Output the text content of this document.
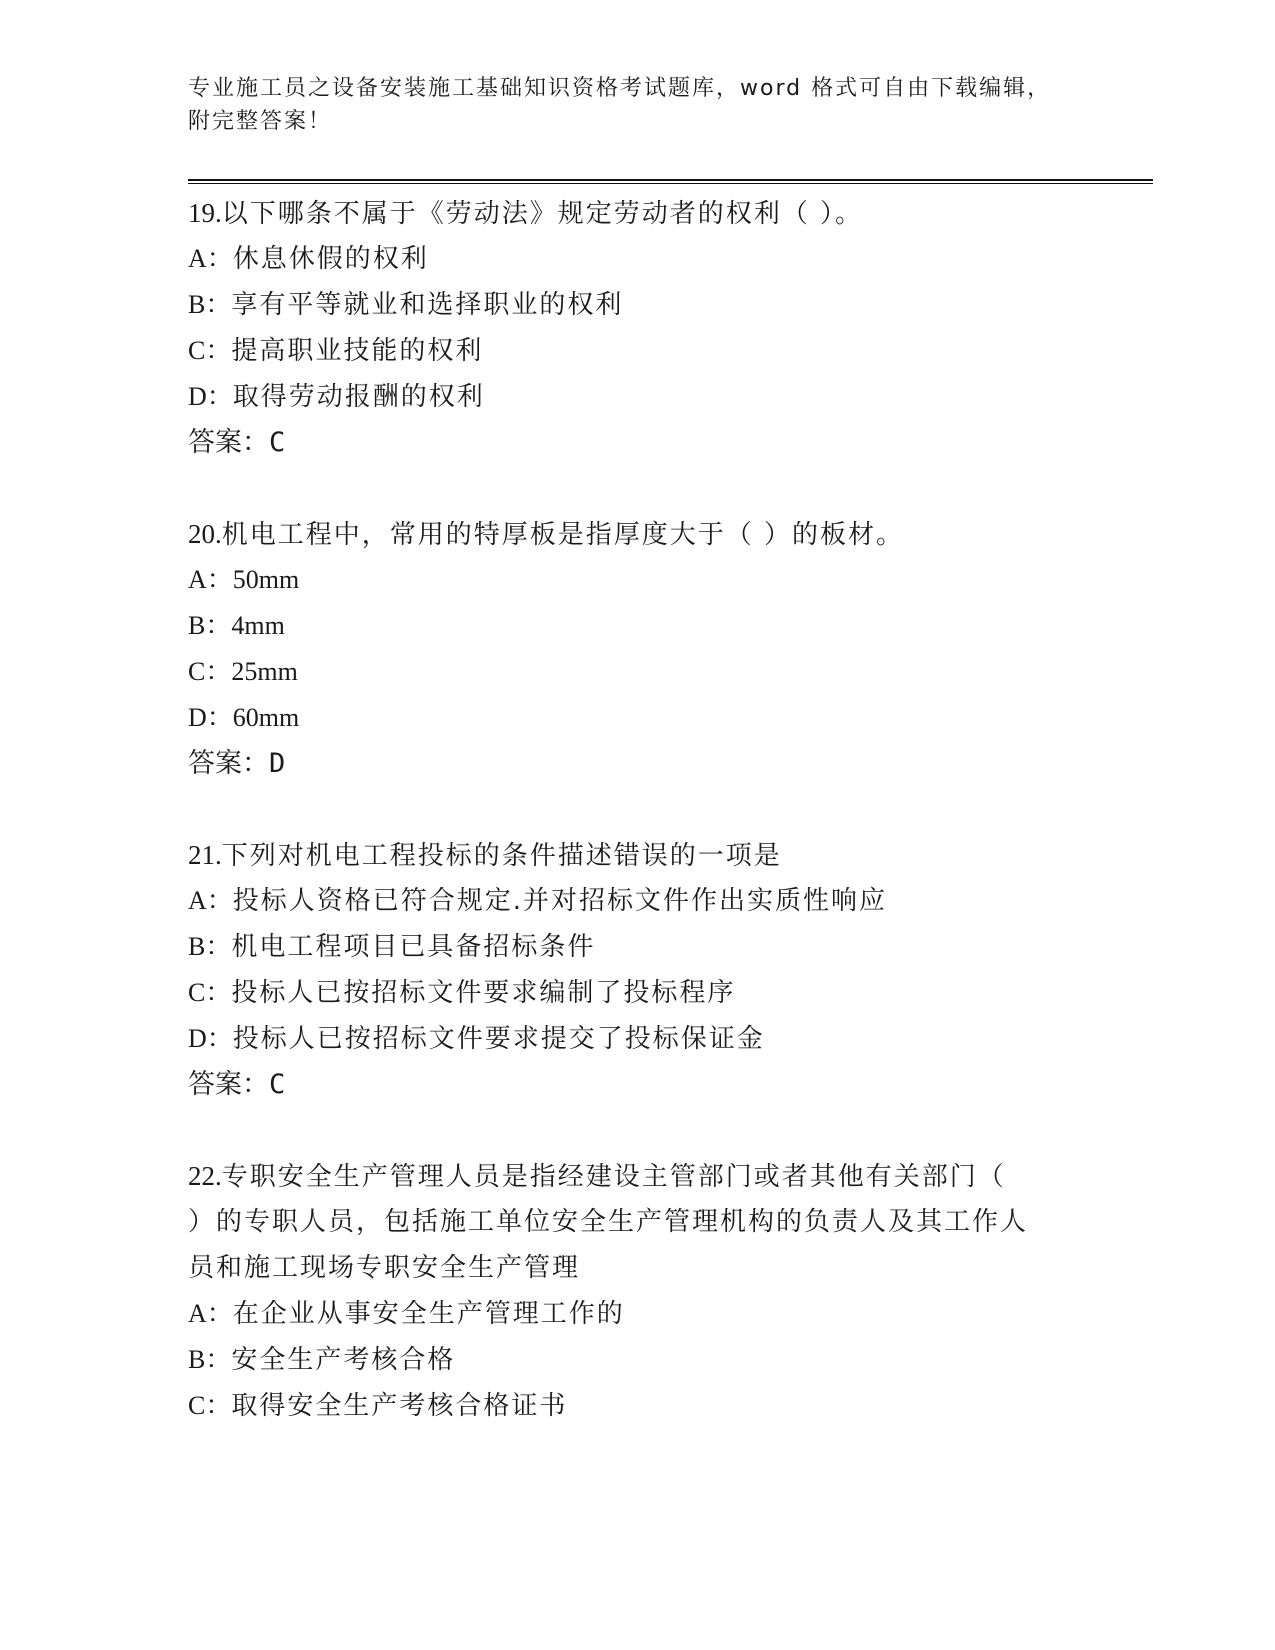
专业施工员之设备安装施工基础知识资格考试题库，word 格式可自由下载编辑，
附完整答案！
19.以下哪条不属于《劳动法》规定劳动者的权利（ ）。
A：休息休假的权利
B：享有平等就业和选择职业的权利
C：提高职业技能的权利
D：取得劳动报酬的权利
答案：C
20.机电工程中，常用的特厚板是指厚度大于（ ）的板材。
A：50mm
B：4mm
C：25mm
D：60mm
答案：D
21.下列对机电工程投标的条件描述错误的一项是
A：投标人资格已符合规定.并对招标文件作出实质性响应
B：机电工程项目已具备招标条件
C：投标人已按招标文件要求编制了投标程序
D：投标人已按招标文件要求提交了投标保证金
答案：C
22.专职安全生产管理人员是指经建设主管部门或者其他有关部门（
）的专职人员，包括施工单位安全生产管理机构的负责人及其工作人
员和施工现场专职安全生产管理
A：在企业从事安全生产管理工作的
B：安全生产考核合格
C：取得安全生产考核合格证书
